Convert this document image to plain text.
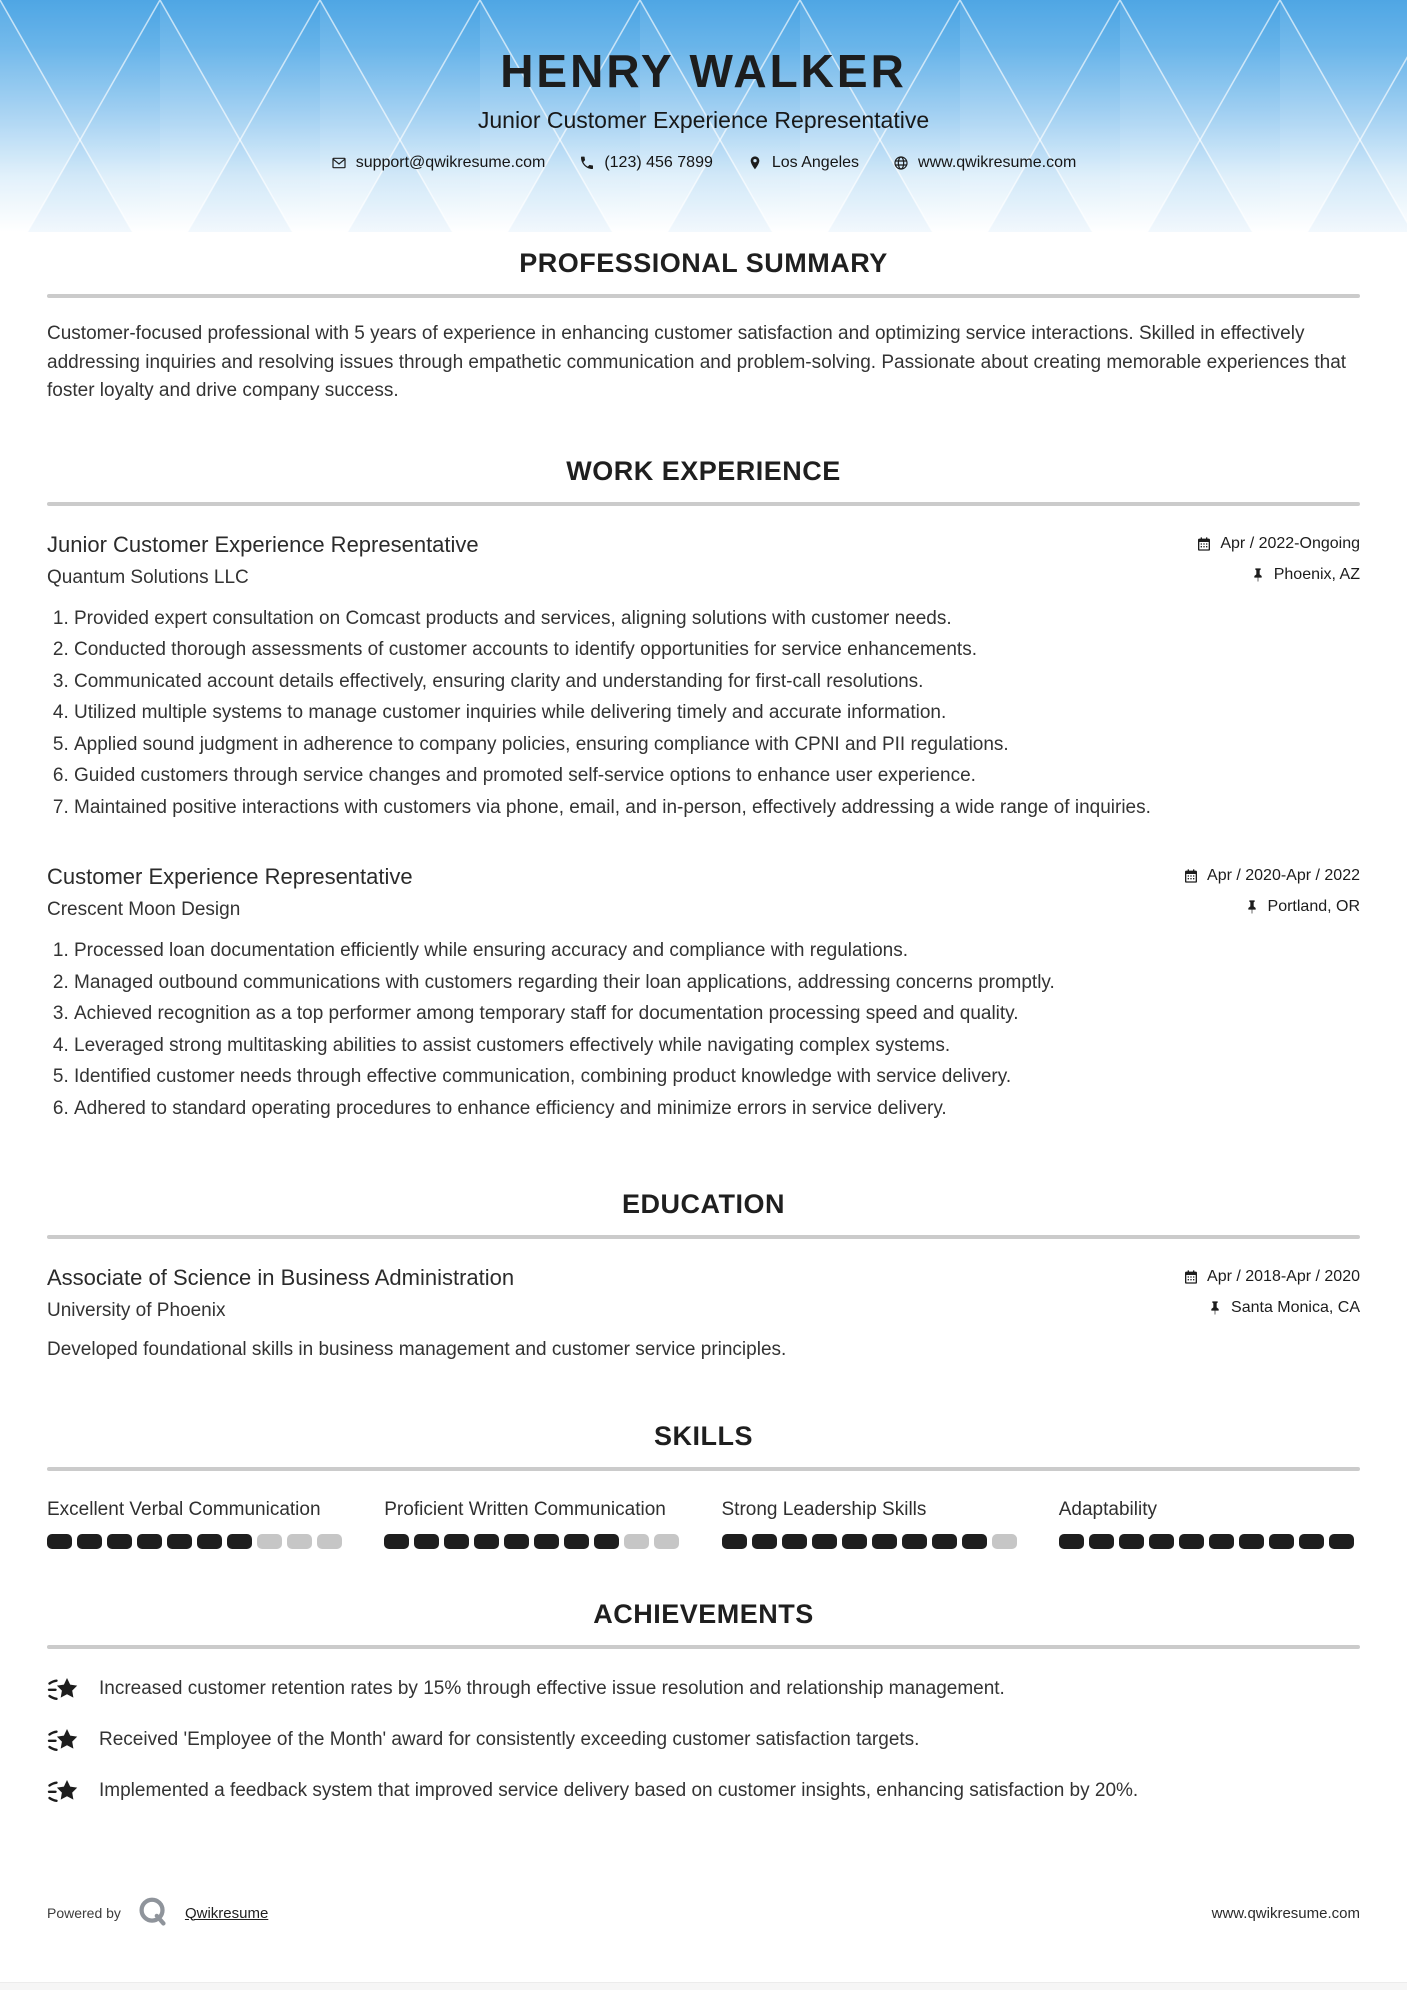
HENRY WALKER
Junior Customer Experience Representative
support@qwikresume.com	(123) 456 7899	Los Angeles	www.qwikresume.com
PROFESSIONAL SUMMARY

Customer-focused professional with 5 years of experience in enhancing customer satisfaction and optimizing service interactions. Skilled in effectively addressing inquiries and resolving issues through empathetic communication and problem-solving. Passionate about creating memorable experiences that foster loyalty and drive company success.

WORK EXPERIENCE
Junior Customer Experience Representative	Apr / 2022-Ongoing
Quantum Solutions LLC	Phoenix, AZ
1. Provided expert consultation on Comcast products and services, aligning solutions with customer needs.
2. Conducted thorough assessments of customer accounts to identify opportunities for service enhancements.
3. Communicated account details effectively, ensuring clarity and understanding for first-call resolutions.
4. Utilized multiple systems to manage customer inquiries while delivering timely and accurate information.
5. Applied sound judgment in adherence to company policies, ensuring compliance with CPNI and PII regulations.
6. Guided customers through service changes and promoted self-service options to enhance user experience.
7. Maintained positive interactions with customers via phone, email, and in-person, effectively addressing a wide range of inquiries.
Customer Experience Representative	Apr / 2020-Apr / 2022
Crescent Moon Design	Portland, OR
1. Processed loan documentation efficiently while ensuring accuracy and compliance with regulations.
2. Managed outbound communications with customers regarding their loan applications, addressing concerns promptly.
3. Achieved recognition as a top performer among temporary staff for documentation processing speed and quality.
4. Leveraged strong multitasking abilities to assist customers effectively while navigating complex systems.
5. Identified customer needs through effective communication, combining product knowledge with service delivery.
6. Adhered to standard operating procedures to enhance efficiency and minimize errors in service delivery.
EDUCATION
Associate of Science in Business Administration	Apr / 2018-Apr / 2020
University of Phoenix	Santa Monica, CA

Developed foundational skills in business management and customer service principles.

SKILLS
Excellent Verbal Communication	Proficient Written Communication	Strong Leadership Skills	Adaptability
ACHIEVEMENTS
Increased customer retention rates by 15% through effective issue resolution and relationship management.
Received 'Employee of the Month' award for consistently exceeding customer satisfaction targets.
Implemented a feedback system that improved service delivery based on customer insights, enhancing satisfaction by 20%.
Powered by	Qwikresume	www.qwikresume.com
